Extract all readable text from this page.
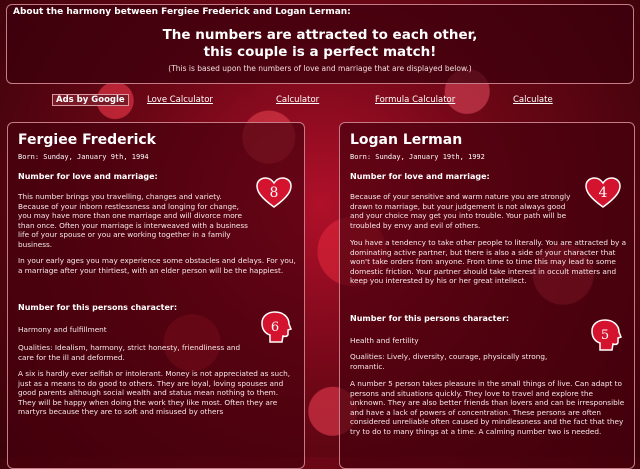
About the harmony between Fergiee Frederick and Logan Lerman:
The numbers are attracted to each other,
this couple is a perfect match!
(This is based upon the numbers of love and marriage that are displayed below.)
Ads by Google	Love Calculator	Calculator	Formula Calculator	Calculate
Fergiee Frederick
Born: Sunday, January 9th, 1994
Number for love and marriage:
8
This number brings you travelling, changes and variety. Because of your inborn restlessness and longing for change, you may have more than one marriage and will divorce more than once. Often your marriage is interweaved with a business life of your spouse or you are working together in a family business.
In your early ages you may experience some obstacles and delays. For you, a marriage after your thirtiest, with an elder person will be the happiest.
Number for this persons character:
6
Harmony and fulfillment
Qualities: Idealism, harmony, strict honesty, friendliness and care for the ill and deformed.
A six is hardly ever selfish or intolerant. Money is not appreciated as such, just as a means to do good to others. They are loyal, loving spouses and good parents although social wealth and status mean nothing to them. They will be happy when doing the work they like most. Often they are martyrs because they are to soft and misused by others
Logan Lerman
Born: Sunday, January 19th, 1992
Number for love and marriage:
4
Because of your sensitive and warm nature you are strongly drawn to marriage, but your judgement is not always good and your choice may get you into trouble. Your path will be troubled by envy and evil of others.
You have a tendency to take other people to literally. You are attracted by a dominating active partner, but there is also a side of your character that won't take orders from anyone. From time to time this may lead to some domestic friction. Your partner should take interest in occult matters and keep you interested by his or her great intellect.
Number for this persons character:
5
Health and fertility
Qualities: Lively, diversity, courage, physically strong, romantic.
A number 5 person takes pleasure in the small things of live. Can adapt to persons and situations quickly. They love to travel and explore the unknown. They are also better friends than lovers and can be irresponsible and have a lack of powers of concentration. These persons are often considered unreliable often caused by mindlessness and the fact that they try to do to many things at a time. A calming number two is needed.
